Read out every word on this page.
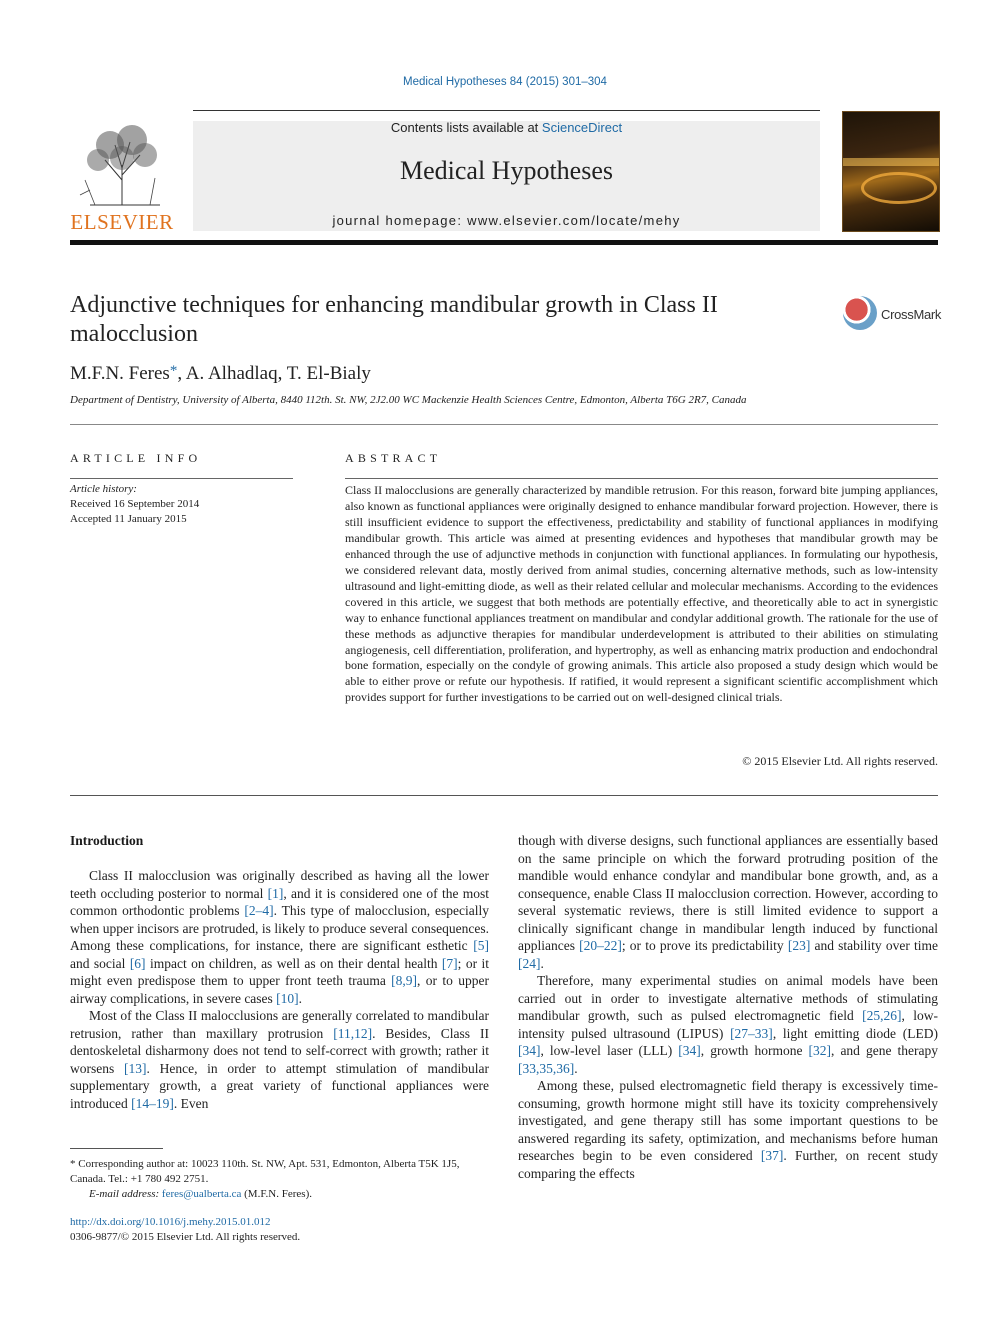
Medical Hypotheses 84 (2015) 301–304
ELSEVIER
Contents lists available at ScienceDirect
Medical Hypotheses
journal homepage: www.elsevier.com/locate/mehy
Adjunctive techniques for enhancing mandibular growth in Class II malocclusion
CrossMark
M.F.N. Feres*, A. Alhadlaq, T. El-Bialy
Department of Dentistry, University of Alberta, 8440 112th. St. NW, 2J2.00 WC Mackenzie Health Sciences Centre, Edmonton, Alberta T6G 2R7, Canada
ARTICLE INFO
Article history:
Received 16 September 2014
Accepted 11 January 2015
ABSTRACT
Class II malocclusions are generally characterized by mandible retrusion. For this reason, forward bite jumping appliances, also known as functional appliances were originally designed to enhance mandibular forward projection. However, there is still insufficient evidence to support the effectiveness, predictability and stability of functional appliances in modifying mandibular growth. This article was aimed at presenting evidences and hypotheses that mandibular growth may be enhanced through the use of adjunctive methods in conjunction with functional appliances. In formulating our hypothesis, we considered relevant data, mostly derived from animal studies, concerning alternative methods, such as low-intensity ultrasound and light-emitting diode, as well as their related cellular and molecular mechanisms. According to the evidences covered in this article, we suggest that both methods are potentially effective, and theoretically able to act in synergistic way to enhance functional appliances treatment on mandibular and condylar additional growth. The rationale for the use of these methods as adjunctive therapies for mandibular underdevelopment is attributed to their abilities on stimulating angiogenesis, cell differentiation, proliferation, and hypertrophy, as well as enhancing matrix production and endochondral bone formation, especially on the condyle of growing animals. This article also proposed a study design which would be able to either prove or refute our hypothesis. If ratified, it would represent a significant scientific accomplishment which provides support for further investigations to be carried out on well-designed clinical trials.
© 2015 Elsevier Ltd. All rights reserved.
Introduction

Class II malocclusion was originally described as having all the lower teeth occluding posterior to normal [1], and it is considered one of the most common orthodontic problems [2–4]. This type of malocclusion, especially when upper incisors are protruded, is likely to produce several consequences. Among these complications, for instance, there are significant esthetic [5] and social [6] impact on children, as well as on their dental health [7]; or it might even predispose them to upper front teeth trauma [8,9], or to upper airway complications, in severe cases [10].

Most of the Class II malocclusions are generally correlated to mandibular retrusion, rather than maxillary protrusion [11,12]. Besides, Class II dentoskeletal disharmony does not tend to self-correct with growth; rather it worsens [13]. Hence, in order to attempt stimulation of mandibular supplementary growth, a great variety of functional appliances were introduced [14–19]. Even

though with diverse designs, such functional appliances are essentially based on the same principle on which the forward protruding position of the mandible would enhance condylar and mandibular bone growth, and, as a consequence, enable Class II malocclusion correction. However, according to several systematic reviews, there is still limited evidence to support a clinically significant change in mandibular length induced by functional appliances [20–22]; or to prove its predictability [23] and stability over time [24].

Therefore, many experimental studies on animal models have been carried out in order to investigate alternative methods of stimulating mandibular growth, such as pulsed electromagnetic field [25,26], low-intensity pulsed ultrasound (LIPUS) [27–33], light emitting diode (LED) [34], low-level laser (LLL) [34], growth hormone [32], and gene therapy [33,35,36].

Among these, pulsed electromagnetic field therapy is excessively time-consuming, growth hormone might still have its toxicity comprehensively investigated, and gene therapy still has some important questions to be answered regarding its safety, optimization, and mechanisms before human researches begin to be even considered [37]. Further, on recent study comparing the effects

* Corresponding author at: 10023 110th. St. NW, Apt. 531, Edmonton, Alberta T5K 1J5, Canada. Tel.: +1 780 492 2751.
E-mail address: feres@ualberta.ca (M.F.N. Feres).
http://dx.doi.org/10.1016/j.mehy.2015.01.012
0306-9877/© 2015 Elsevier Ltd. All rights reserved.
